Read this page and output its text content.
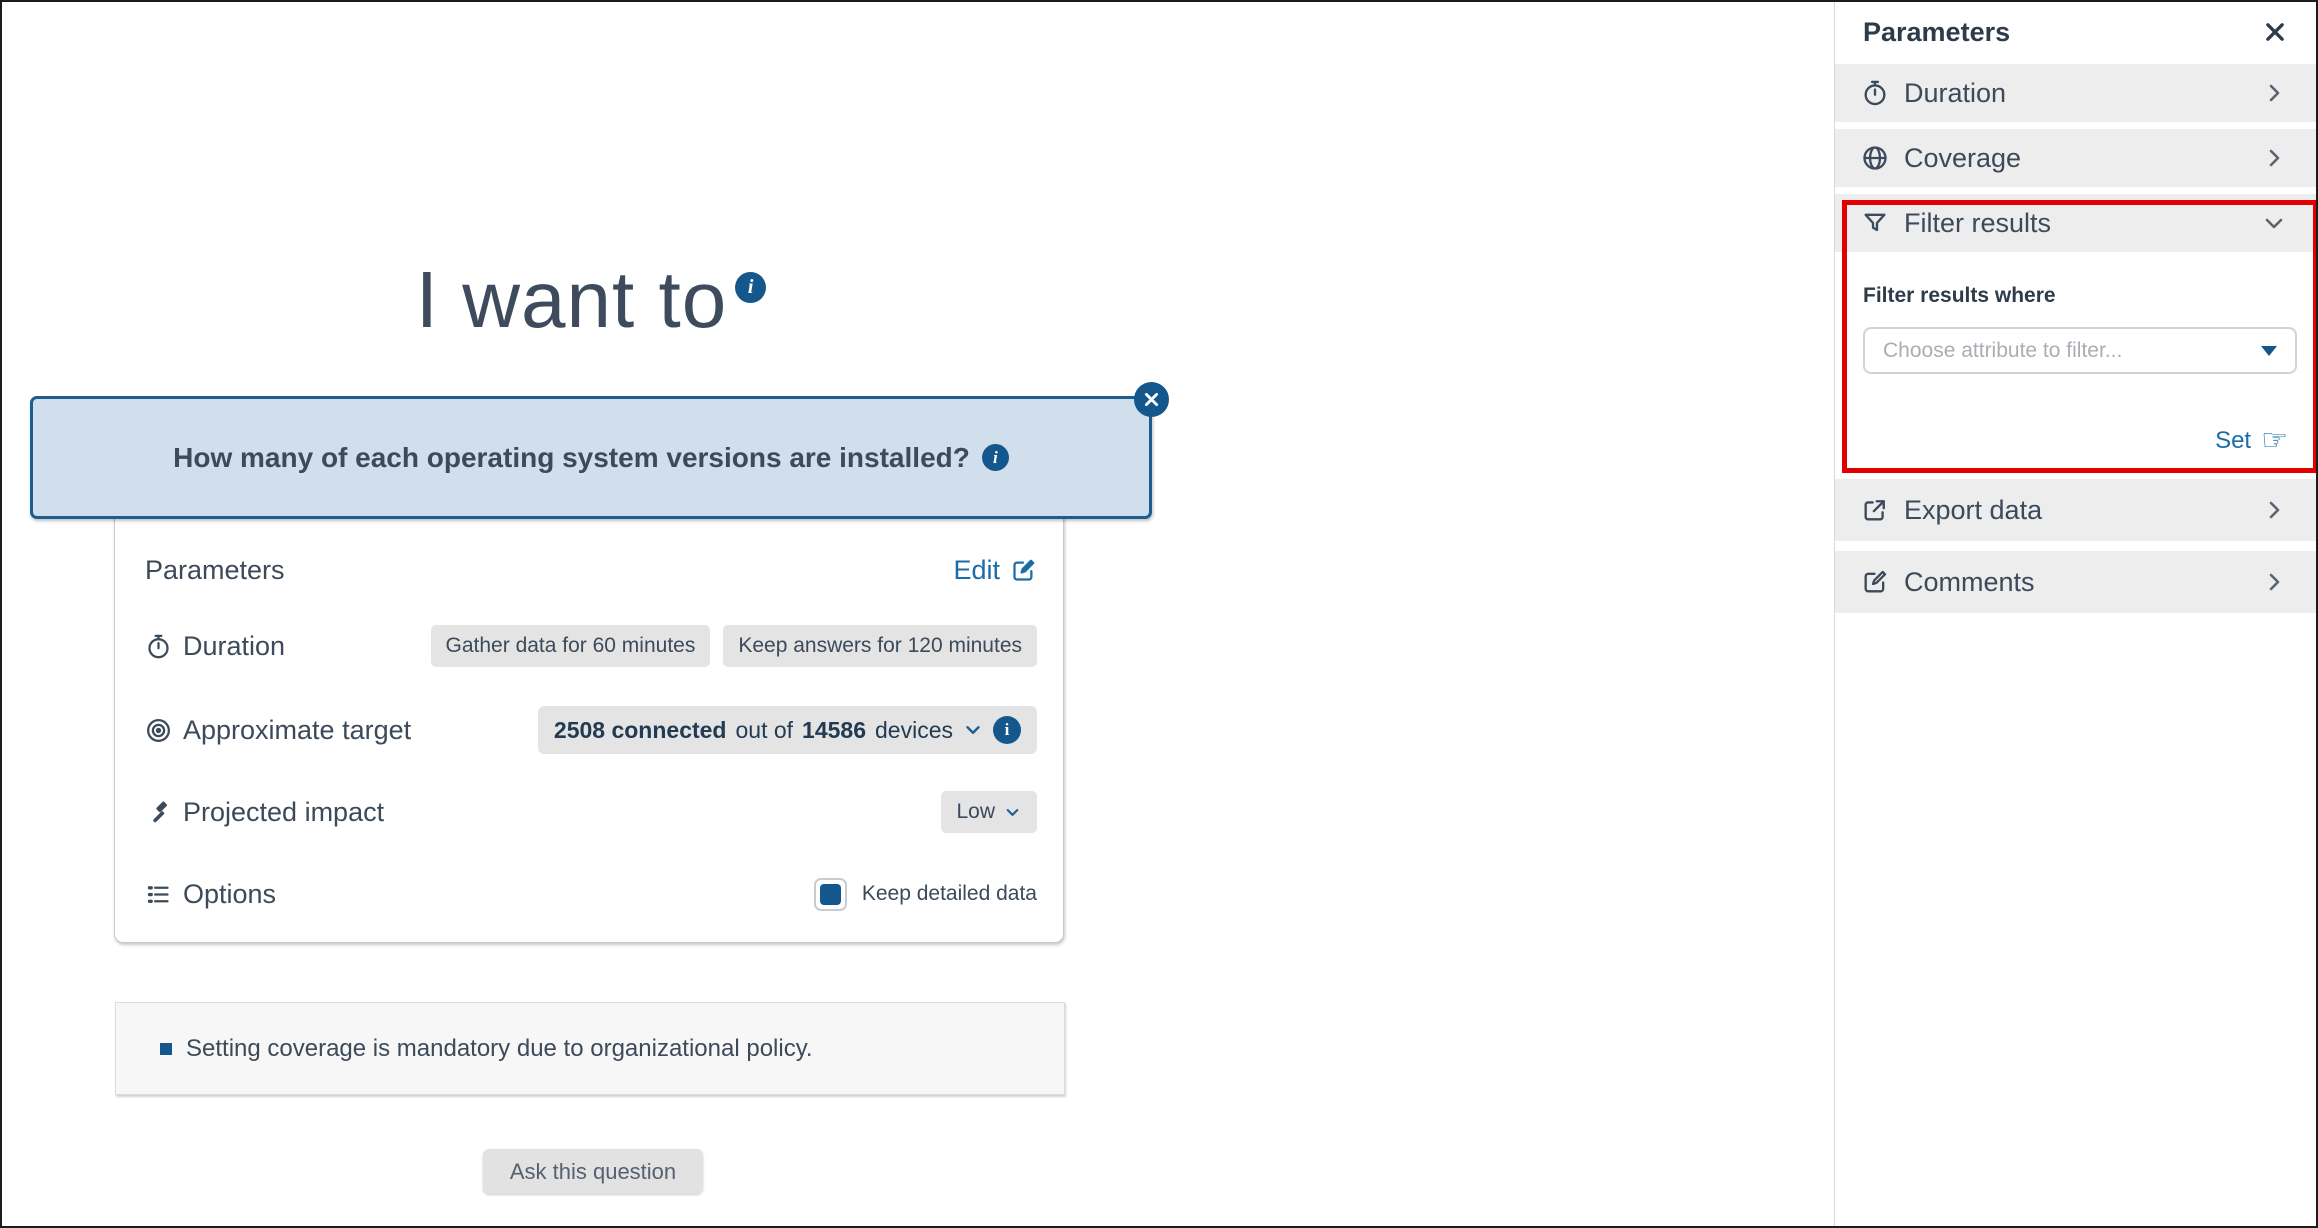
I want to	i
How many of each operating system versions are installed?	i
Parameters	Edit
Duration	Gather data for 60 minutes	Keep answers for 120 minutes
Approximate target	2508 connected out of 14586 devices	i
Projected impact	Low
Options	Keep detailed data
Setting coverage is mandatory due to organizational policy.
Ask this question
Parameters
Duration
Coverage
Filter results
Filter results where
Choose attribute to filter...
Set ☞
Export data
Comments
